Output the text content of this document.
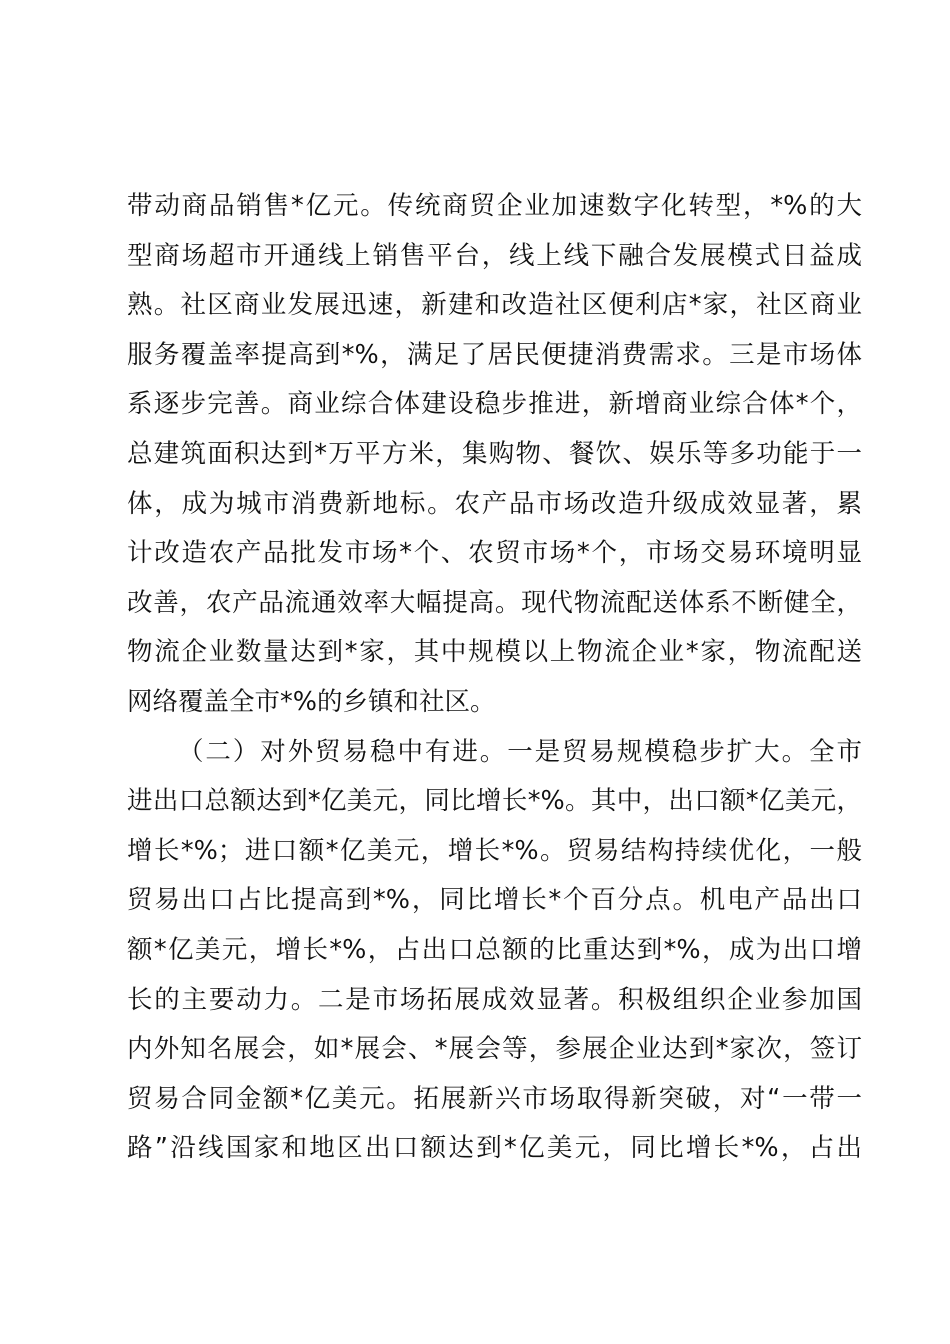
带动商品销售*亿元。传统商贸企业加速数字化转型，*%的大
型商场超市开通线上销售平台，线上线下融合发展模式日益成
熟。社区商业发展迅速，新建和改造社区便利店*家，社区商业
服务覆盖率提高到*%，满足了居民便捷消费需求。三是市场体
系逐步完善。商业综合体建设稳步推进，新增商业综合体*个，
总建筑面积达到*万平方米，集购物、餐饮、娱乐等多功能于一
体，成为城市消费新地标。农产品市场改造升级成效显著，累
计改造农产品批发市场*个、农贸市场*个，市场交易环境明显
改善，农产品流通效率大幅提高。现代物流配送体系不断健全，
物流企业数量达到*家，其中规模以上物流企业*家，物流配送
网络覆盖全市*%的乡镇和社区。
（二）对外贸易稳中有进。一是贸易规模稳步扩大。全市
进出口总额达到*亿美元，同比增长*%。其中，出口额*亿美元，
增长*%；进口额*亿美元，增长*%。贸易结构持续优化，一般
贸易出口占比提高到*%，同比增长*个百分点。机电产品出口
额*亿美元，增长*%，占出口总额的比重达到*%，成为出口增
长的主要动力。二是市场拓展成效显著。积极组织企业参加国
内外知名展会，如*展会、*展会等，参展企业达到*家次，签订
贸易合同金额*亿美元。拓展新兴市场取得新突破，对“一带一
路”沿线国家和地区出口额达到*亿美元，同比增长*%，占出
